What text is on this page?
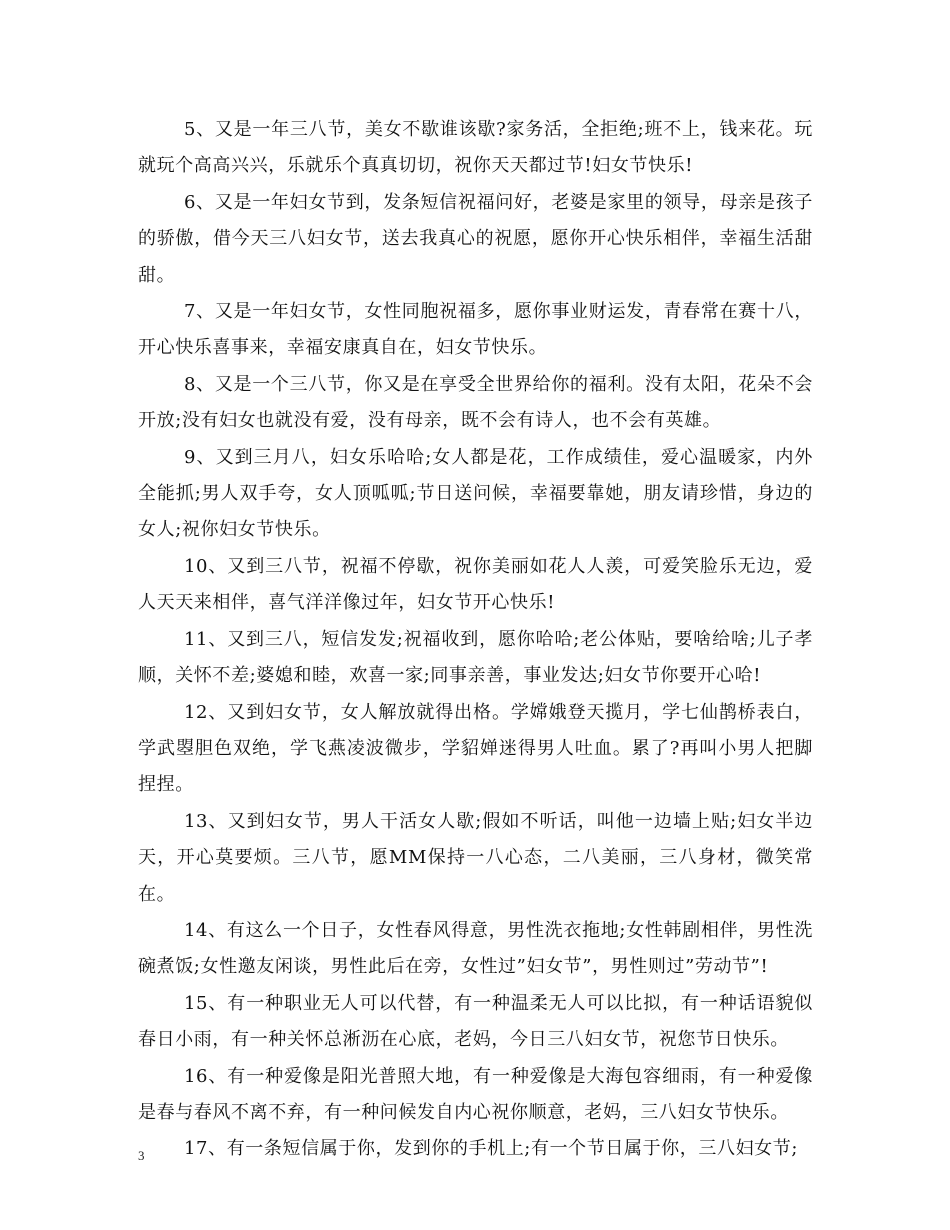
5、又是一年三八节，美女不歇谁该歇?家务活，全拒绝;班不上，钱来花。玩就玩个高高兴兴，乐就乐个真真切切，祝你天天都过节!妇女节快乐!

6、又是一年妇女节到，发条短信祝福问好，老婆是家里的领导，母亲是孩子的骄傲，借今天三八妇女节，送去我真心的祝愿，愿你开心快乐相伴，幸福生活甜甜。

7、又是一年妇女节，女性同胞祝福多，愿你事业财运发，青春常在赛十八，开心快乐喜事来，幸福安康真自在，妇女节快乐。

8、又是一个三八节，你又是在享受全世界给你的福利。没有太阳，花朵不会开放;没有妇女也就没有爱，没有母亲，既不会有诗人，也不会有英雄。

9、又到三月八，妇女乐哈哈;女人都是花，工作成绩佳，爱心温暖家，内外全能抓;男人双手夸，女人顶呱呱;节日送问候，幸福要靠她，朋友请珍惜，身边的女人;祝你妇女节快乐。

10、又到三八节，祝福不停歇，祝你美丽如花人人羡，可爱笑脸乐无边，爱人天天来相伴，喜气洋洋像过年，妇女节开心快乐!

11、又到三八，短信发发;祝福收到，愿你哈哈;老公体贴，要啥给啥;儿子孝顺，关怀不差;婆媳和睦，欢喜一家;同事亲善，事业发达;妇女节你要开心哈!

12、又到妇女节，女人解放就得出格。学嫦娥登天揽月，学七仙鹊桥表白，学武曌胆色双绝，学飞燕凌波微步，学貂婵迷得男人吐血。累了?再叫小男人把脚捏捏。

13、又到妇女节，男人干活女人歇;假如不听话，叫他一边墙上贴;妇女半边天，开心莫要烦。三八节，愿MM保持一八心态，二八美丽，三八身材，微笑常在。

14、有这么一个日子，女性春风得意，男性洗衣拖地;女性韩剧相伴，男性洗碗煮饭;女性邀友闲谈，男性此后在旁，女性过”妇女节”，男性则过”劳动节”!

15、有一种职业无人可以代替，有一种温柔无人可以比拟，有一种话语貌似春日小雨，有一种关怀总淅沥在心底，老妈，今日三八妇女节，祝您节日快乐。

16、有一种爱像是阳光普照大地，有一种爱像是大海包容细雨，有一种爱像是春与春风不离不弃，有一种问候发自内心祝你顺意，老妈，三八妇女节快乐。

17、有一条短信属于你，发到你的手机上;有一个节日属于你，三八妇女节;

3
